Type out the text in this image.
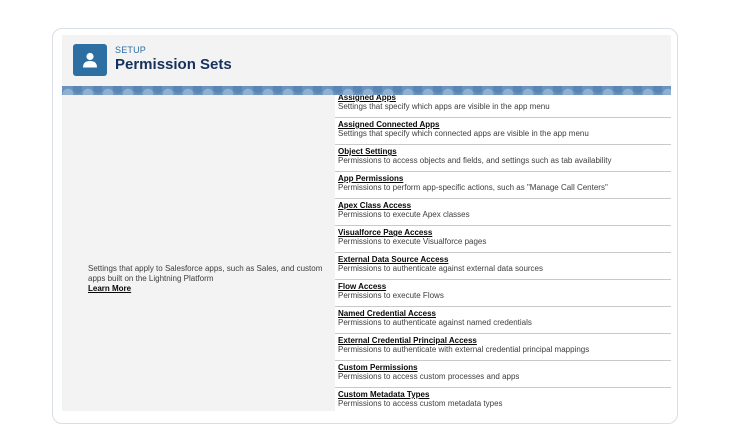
SETUP
Permission Sets
Settings that apply to Salesforce apps, such as Sales, and custom apps built on the Lightning Platform
Learn More
Assigned Apps
Settings that specify which apps are visible in the app menu
Assigned Connected Apps
Settings that specify which connected apps are visible in the app menu
Object Settings
Permissions to access objects and fields, and settings such as tab availability
App Permissions
Permissions to perform app-specific actions, such as "Manage Call Centers"
Apex Class Access
Permissions to execute Apex classes
Visualforce Page Access
Permissions to execute Visualforce pages
External Data Source Access
Permissions to authenticate against external data sources
Flow Access
Permissions to execute Flows
Named Credential Access
Permissions to authenticate against named credentials
External Credential Principal Access
Permissions to authenticate with external credential principal mappings
Custom Permissions
Permissions to access custom processes and apps
Custom Metadata Types
Permissions to access custom metadata types
